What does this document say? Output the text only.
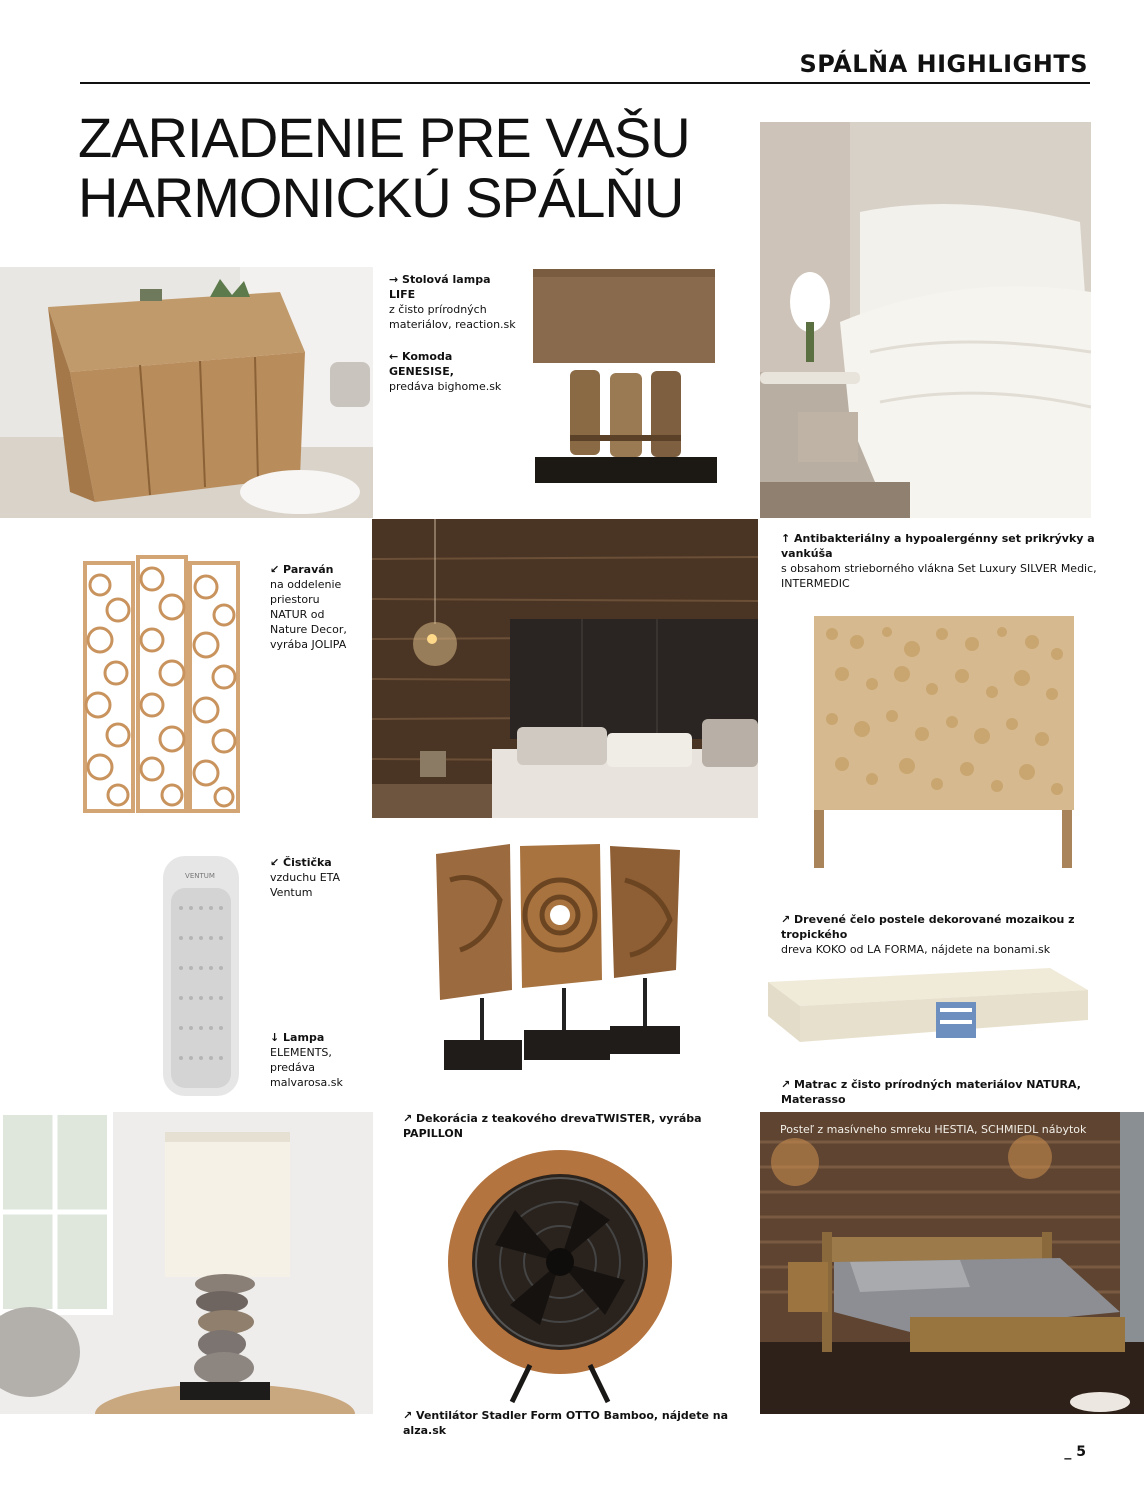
SPÁLŇA HIGHLIGHTS
ZARIADENIE PRE VAŠU
HARMONICKÚ SPÁLŇU
→ Stolová lampa LIFE
z čisto prírodných
materiálov, reaction.sk
← Komoda GENESISE,
predáva bighome.sk
↑ Antibakteriálny a hypoalergénny set prikrývky a vankúša
s obsahom strieborného vlákna Set Luxury SILVER Medic,
INTERMEDIC
↙ Paraván
na oddelenie
priestoru
NATUR od
Nature Decor,
vyrába JOLIPA
VENTUM
↙ Čistička
vzduchu ETA
Ventum
↓ Lampa
ELEMENTS,
predáva
malvarosa.sk
↗ Drevené čelo postele dekorované mozaikou z tropického
dreva KOKO od LA FORMA, nájdete na bonami.sk
↗ Matrac z čisto prírodných materiálov NATURA, Materasso
↗ Dekorácia z teakového drevaTWISTER, vyrába PAPILLON	Posteľ z masívneho smreku HESTIA, SCHMIEDL nábytok
↗ Ventilátor Stadler Form OTTO Bamboo, nájdete na alza.sk
_ 5
